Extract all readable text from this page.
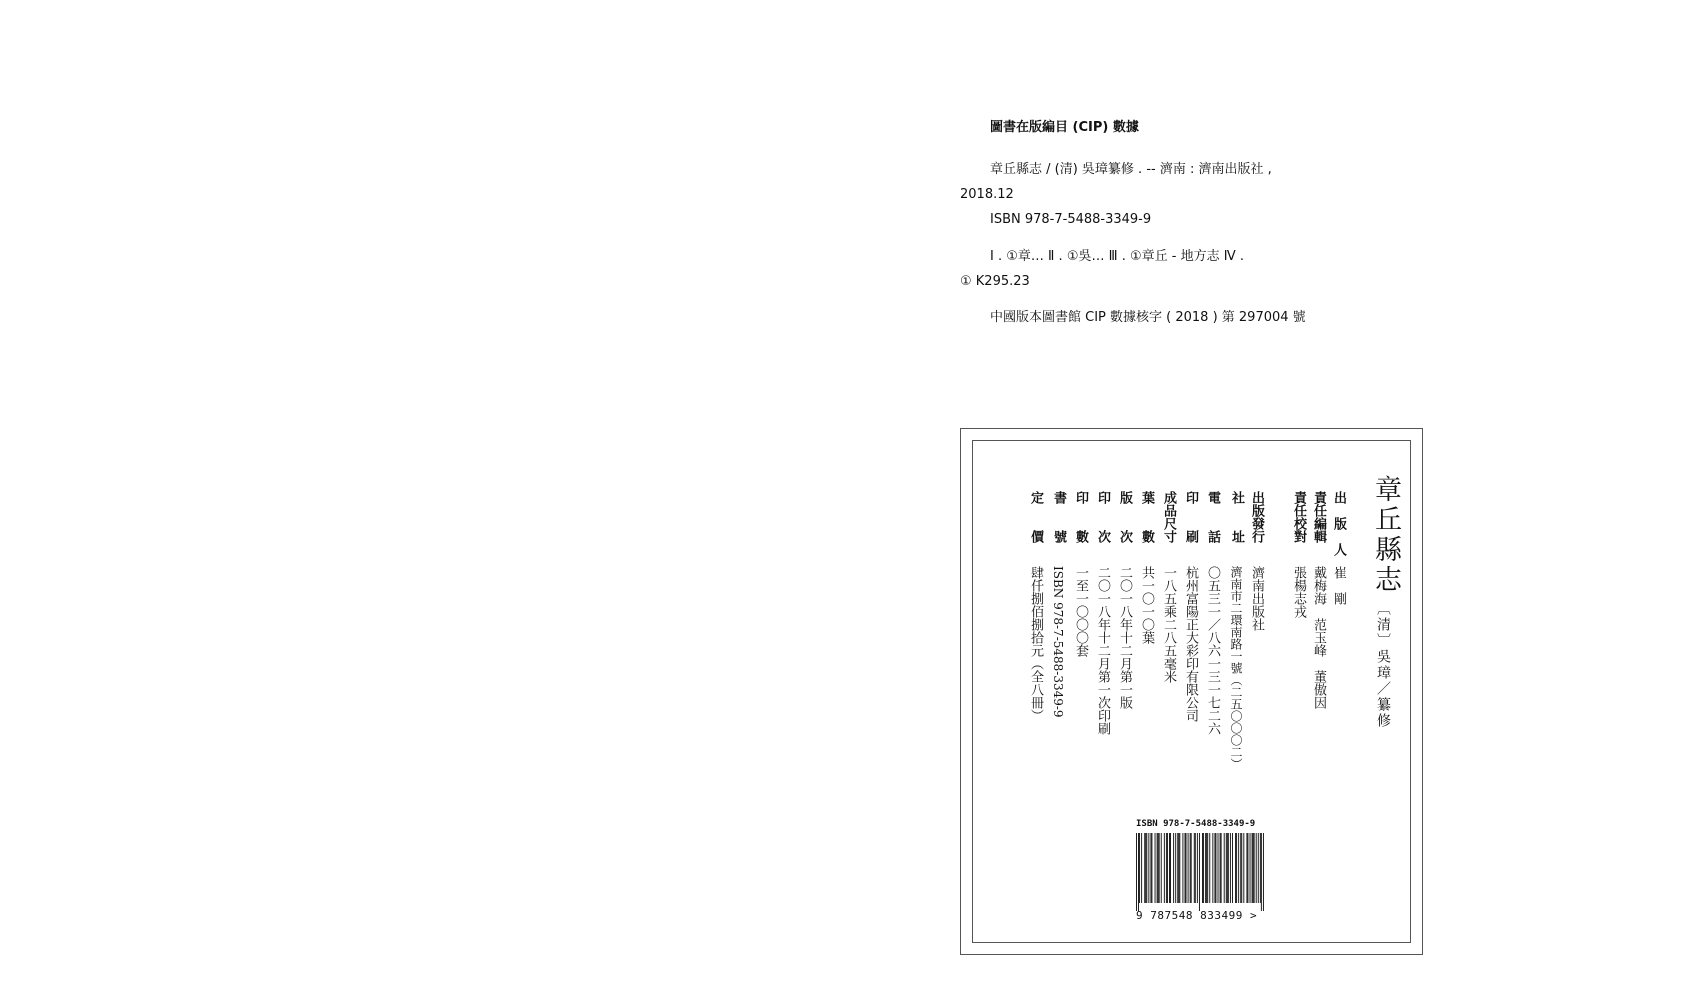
圖書在版編目 (CIP) 數據
章丘縣志 / (清) 吳璋纂修 . -- 濟南 : 濟南出版社 ,
2018.12
ISBN 978-7-5488-3349-9
Ⅰ . ①章… Ⅱ . ①吳… Ⅲ . ①章丘 - 地方志 Ⅳ .
① K295.23
中國版本圖書館 CIP 數據核字 ( 2018 ) 第 297004 號
章丘縣志
〔清〕吳璋／纂修
出　版　人
崔　剛
責任編輯
戴梅海　范玉峰　董傲因
責任校對
張楊志戎
出版發行
濟南出版社
社　　址
濟南市二環南路一號（二五〇〇〇二）
電　　話
〇五三一／八六一三一七二六
印　　刷
杭州富陽正大彩印有限公司
成品尺寸
一八五乘二八五毫米
葉　　數
共一〇一〇葉
版　　次
二〇一八年十二月第一版
印　　次
二〇一八年十二月第一次印刷
印　　數
一至一〇〇〇套
書　　號
ISBN 978-7-5488-3349-9
定　　價
肆仟捌佰捌拾元（全八冊）
ISBN 978-7-5488-3349-9
9 787548 833499 >
